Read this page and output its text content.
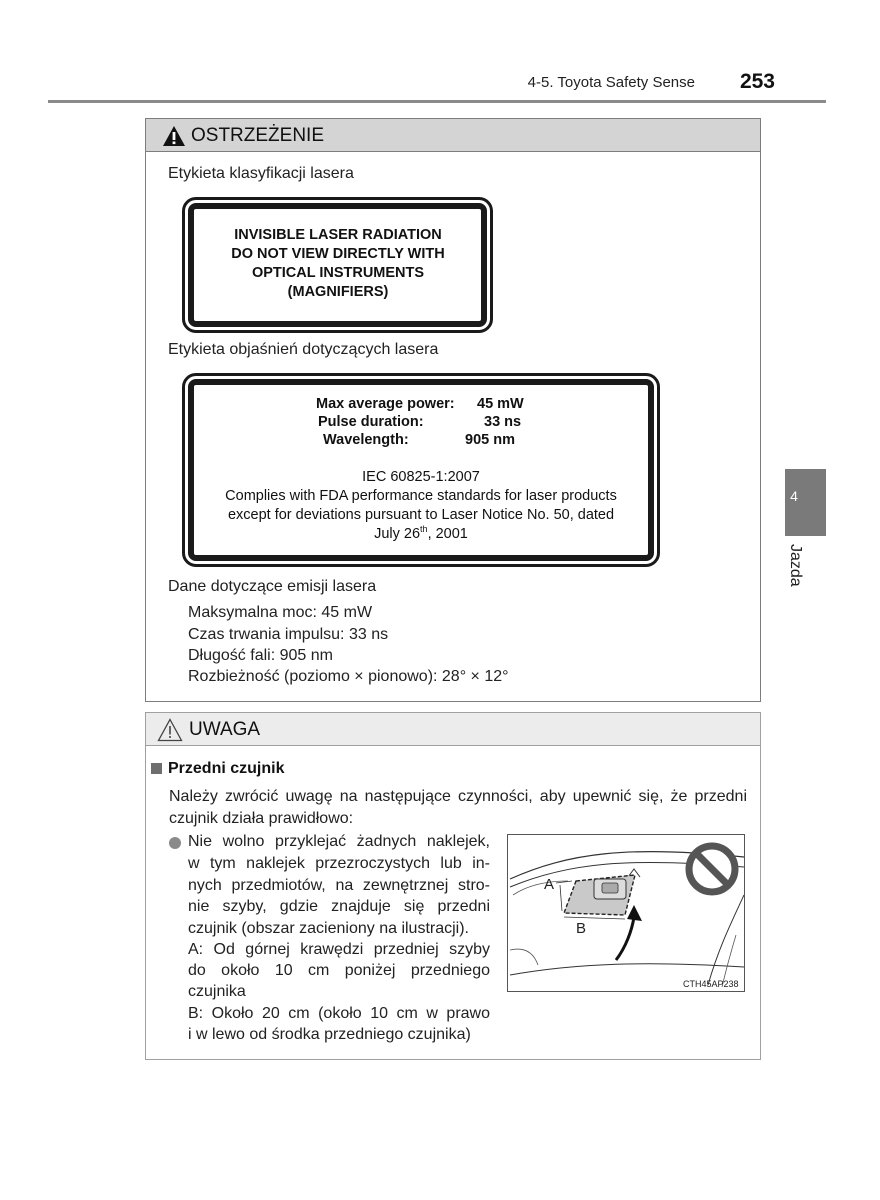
4-5. Toyota Safety Sense	253
4
Jazda
OSTRZEŻENIE
Etykieta klasyfikacji lasera
INVISIBLE LASER RADIATION
DO NOT VIEW DIRECTLY WITH
OPTICAL INSTRUMENTS
(MAGNIFIERS)
Etykieta objaśnień dotyczących lasera
Max average power: 45 mW
Pulse duration:	33 ns
Wavelength:	905 nm
IEC 60825-1:2007
Complies with FDA performance standards for laser products
except for deviations pursuant to Laser Notice No. 50, dated
July 26th, 2001
Dane dotyczące emisji lasera
Maksymalna moc: 45 mW
Czas trwania impulsu: 33 ns
Długość fali: 905 nm
Rozbieżność (poziomo × pionowo): 28° × 12°
UWAGA
Przedni czujnik
Należy zwrócić uwagę na następujące czynności, aby upewnić się, że przedni czujnik działa prawidłowo:
Nie wolno przyklejać żadnych naklejek,
w tym naklejek przezroczystych lub in-
nych przedmiotów, na zewnętrznej stro-
nie szyby, gdzie znajduje się przedni
czujnik (obszar zacieniony na ilustracji).
A: Od górnej krawędzi przedniej szyby
do około 10 cm poniżej przedniego
czujnika
B: Około 20 cm (około 10 cm w prawo
i w lewo od środka przedniego czujnika)
A
B
CTH45AP238
